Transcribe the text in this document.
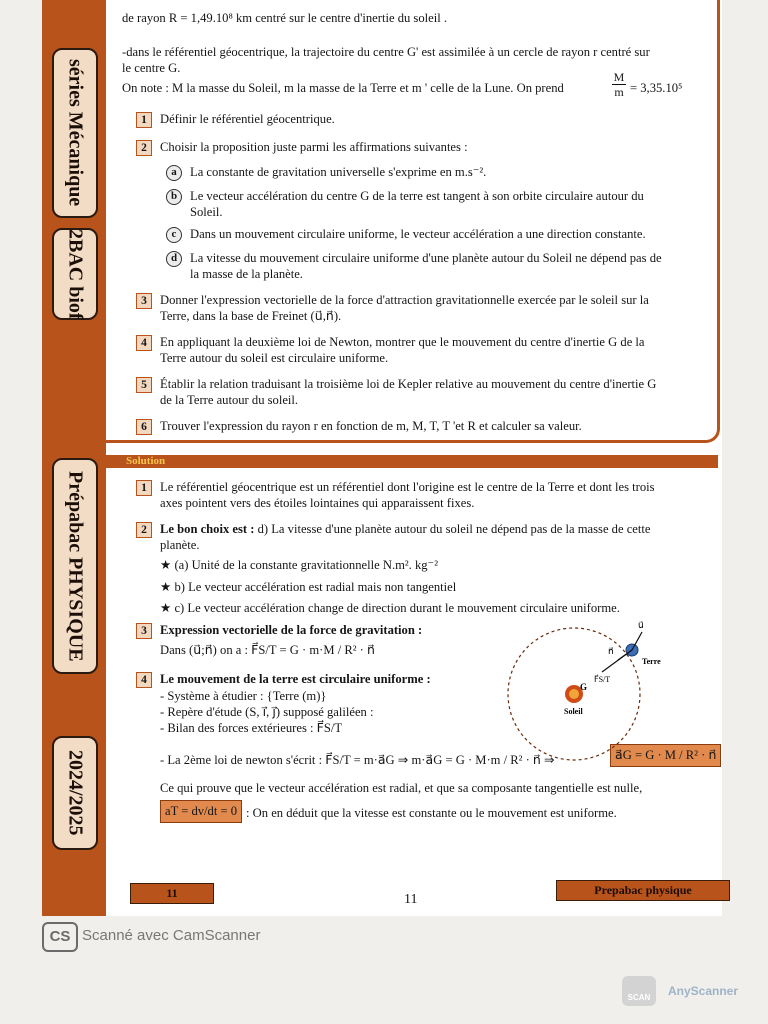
séries Mécanique
2BAC biof
Prépabac PHYSIQUE
2024/2025
de rayon R = 1,49.10⁸ km centré sur le centre d'inertie du soleil .
-dans le référentiel géocentrique, la trajectoire du centre G' est assimilée à un cercle de rayon r centré sur
le centre G.
On note : M la masse du Soleil, m la masse de la Terre et m ' celle de la Lune. On prend	$\frac{M}{m} = 3,35.10^5$
1	Définir le référentiel géocentrique.
2	Choisir la proposition juste parmi les affirmations suivantes :
a	La constante de gravitation universelle s'exprime en m.s⁻².
b	Le vecteur accélération du centre G de la terre est tangent à son orbite circulaire autour du
Soleil.
c	Dans un mouvement circulaire uniforme, le vecteur accélération a une direction constante.
d	La vitesse du mouvement circulaire uniforme d'une planète autour du Soleil ne dépend pas de
la masse de la planète.
3	Donner l'expression vectorielle de la force d'attraction gravitationnelle exercée par le soleil sur la
Terre, dans la base de Freinet (u⃗,n⃗).
4	En appliquant la deuxième loi de Newton, montrer que le mouvement du centre d'inertie G de la
Terre autour du soleil est circulaire uniforme.
5	Établir la relation traduisant la troisième loi de Kepler relative au mouvement du centre d'inertie G
de la Terre autour du soleil.
6	Trouver l'expression du rayon r en fonction de m, M, T, T 'et R et calculer sa valeur.
Solution
1	Le référentiel géocentrique est un référentiel dont l'origine est le centre de la Terre et dont les trois
axes pointent vers des étoiles lointaines qui apparaissent fixes.
2	Le bon choix est : d) La vitesse d'une planète autour du soleil ne dépend pas de la masse de cette
planète.
★ (a) Unité de la constante gravitationnelle N.m². kg⁻²
★ b) Le vecteur accélération est radial mais non tangentiel
★ c) Le vecteur accélération change de direction durant le mouvement circulaire uniforme.
3	Expression vectorielle de la force de gravitation :
Dans (u⃗;n⃗) on a : F⃗S/T = G · m·M / R² · n⃗
4	Le mouvement de la terre est circulaire uniforme :
- Système à étudier : {Terre (m)}
- Repère d'étude (S, i⃗, j⃗) supposé galiléen :
- Bilan des forces extérieures : F⃗S/T
- La 2ème loi de newton s'écrit : F⃗S/T = m·a⃗G ⇒ m·a⃗G = G · M·m / R² · n⃗ ⇒	a⃗G = G · M / R² · n⃗
Ce qui prouve que le vecteur accélération est radial, et que sa composante tangentielle est nulle,
aT = dv/dt = 0 : On en déduit que la vitesse est constante ou le mouvement est uniforme.
G
Soleil
Terre
u⃗
n⃗
F⃗S/T
11	11
Prepabac physique
CS Scanné avec CamScanner
SCAN	AnyScanner
